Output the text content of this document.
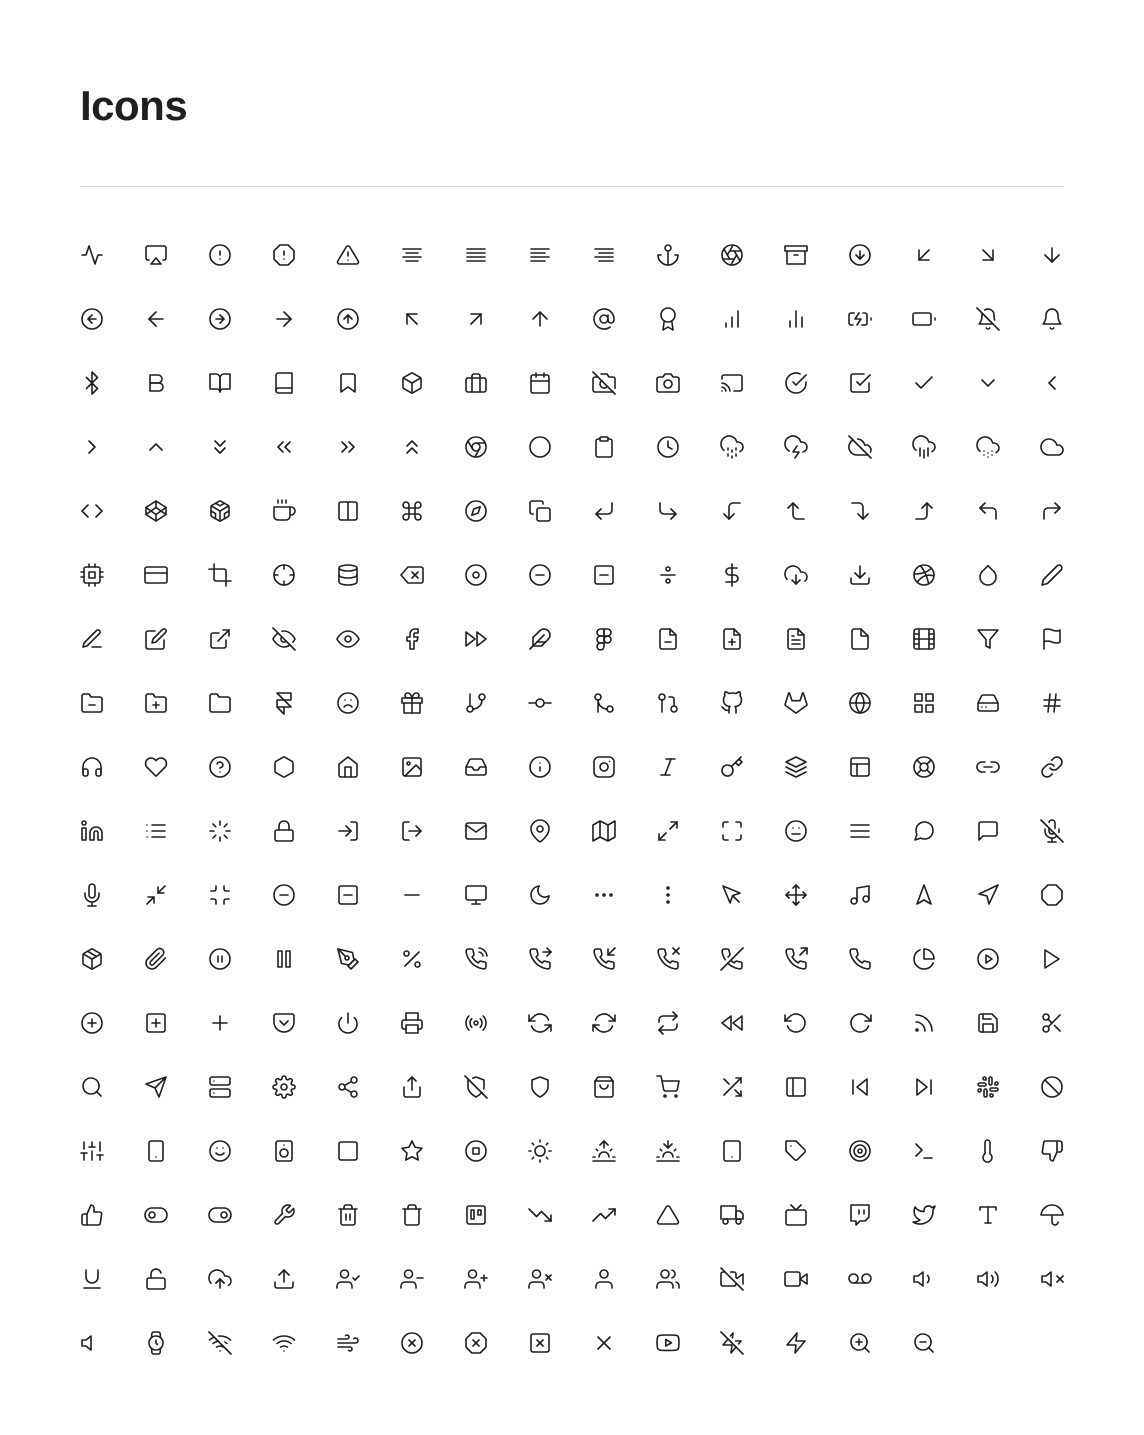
Icons
